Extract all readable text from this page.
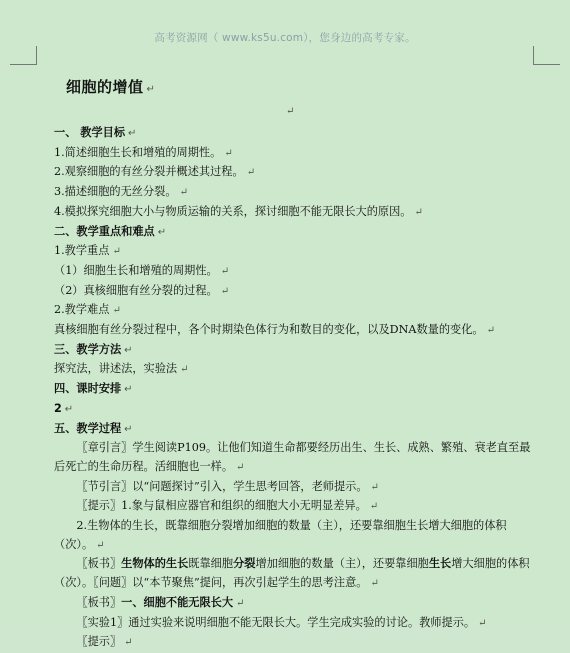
高考资源网（ www.ks5u.com），您身边的高考专家。
细胞的增值 ↵
↵
一、 教学目标 ↵
1.简述细胞生长和增殖的周期性。 ↵
2.观察细胞的有丝分裂并概述其过程。 ↵
3.描述细胞的无丝分裂。 ↵
4.模拟探究细胞大小与物质运输的关系，探讨细胞不能无限长大的原因。 ↵
二、教学重点和难点 ↵
1.教学重点 ↵
（1）细胞生长和增殖的周期性。 ↵
（2）真核细胞有丝分裂的过程。 ↵
2.教学难点 ↵
真核细胞有丝分裂过程中，各个时期染色体行为和数目的变化，以及DNA数量的变化。 ↵
三、教学方法 ↵
探究法，讲述法，实验法 ↵
四、课时安排 ↵
2 ↵
五、教学过程 ↵
〖章引言〗学生阅读P109。让他们知道生命都要经历出生、生长、成熟、繁殖、衰老直至最后死亡的生命历程。活细胞也一样。 ↵
〖节引言〗以“问题探讨”引入，学生思考回答，老师提示。 ↵
〖提示〗1.象与鼠相应器官和组织的细胞大小无明显差异。 ↵
2.生物体的生长，既靠细胞分裂增加细胞的数量（主），还要靠细胞生长增大细胞的体积（次）。 ↵
〖板书〗生物体的生长既靠细胞分裂增加细胞的数量（主），还要靠细胞生长增大细胞的体积（次）。〖问题〗以“本节聚焦”提问，再次引起学生的思考注意。 ↵
〖板书〗一、细胞不能无限长大 ↵
〖实验1〗通过实验来说明细胞不能无限长大。学生完成实验的讨论。教师提示。 ↵
〖提示〗 ↵
